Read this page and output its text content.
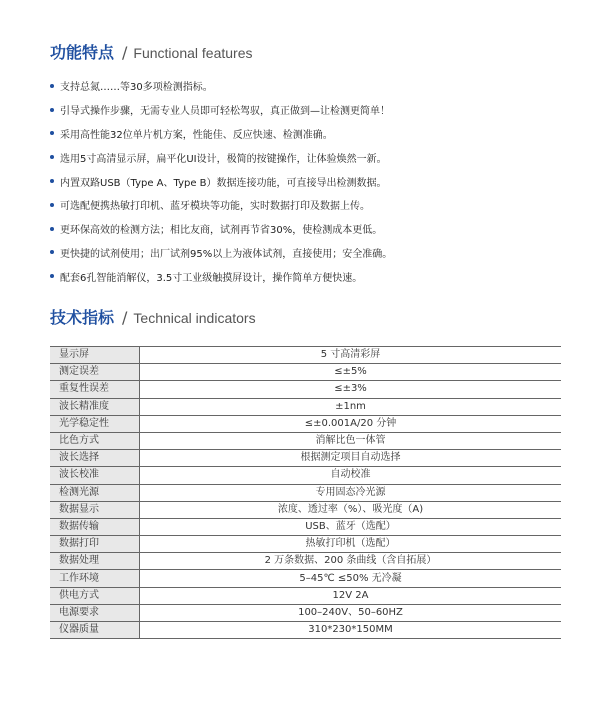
功能特点 / Functional features
支持总氮……等30多项检测指标。
引导式操作步骤，无需专业人员即可轻松驾驭，真正做到—让检测更简单！
采用高性能32位单片机方案，性能佳、反应快速、检测准确。
选用5寸高清显示屏，扁平化UI设计，极简的按键操作，让体验焕然一新。
内置双路USB（Type A、Type B）数据连接功能，可直接导出检测数据。
可选配便携热敏打印机、蓝牙模块等功能，实时数据打印及数据上传。
更环保高效的检测方法；相比友商，试剂再节省30%，使检测成本更低。
更快捷的试剂使用；出厂试剂95%以上为液体试剂，直接使用；安全准确。
配套6孔智能消解仪，3.5寸工业级触摸屏设计，操作简单方便快速。
技术指标 / Technical indicators
显示屏	5 寸高清彩屏
测定误差	≤±5%
重复性误差	≤±3%
波长精准度	±1nm
光学稳定性	≤±0.001A/20 分钟
比色方式	消解比色一体管
波长选择	根据测定项目自动选择
波长校准	自动校准
检测光源	专用固态冷光源
数据显示	浓度、透过率（%）、吸光度（A)
数据传输	USB、蓝牙（选配）
数据打印	热敏打印机（选配）
数据处理	2 万条数据、200 条曲线（含自拓展）
工作环境	5–45℃ ≤50% 无冷凝
供电方式	12V 2A
电源要求	100–240V、50–60HZ
仪器质量	310*230*150MM
